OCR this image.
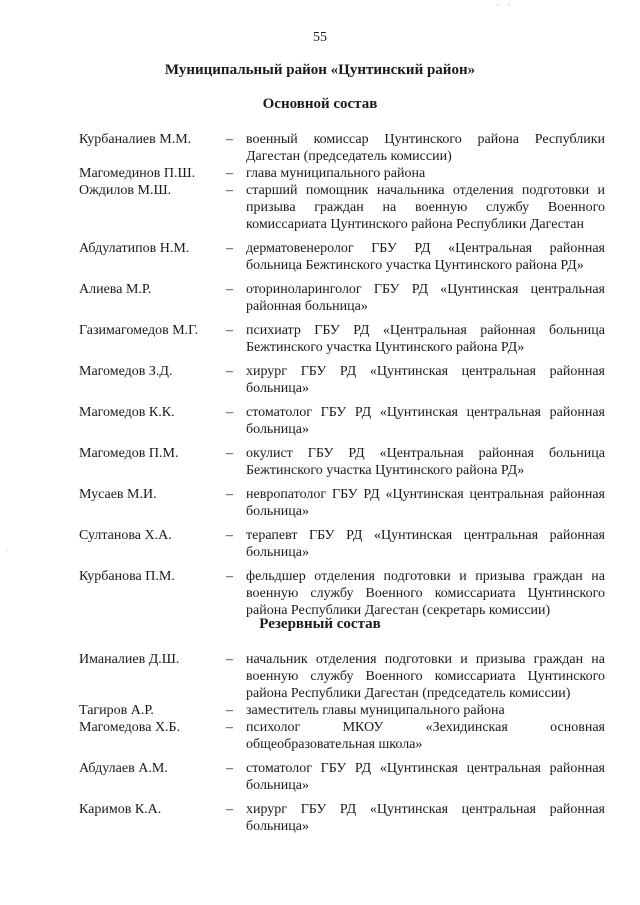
· ·
55
Муниципальный район «Цунтинский район»
Основной состав
Курбаналиев М.М.	– военный комиссар Цунтинского района Республики Дагестан (председатель комиссии)
Магомединов П.Ш.	– глава муниципального района
Ождилов М.Ш.	– старший помощник начальника отделения подготовки и призыва граждан на военную службу Военного комиссариата Цунтинского района Республики Дагестан
Абдулатипов Н.М.	– дерматовенеролог ГБУ РД «Центральная районная больница Бежтинского участка Цунтинского района РД»
Алиева М.Р.	– оториноларинголог ГБУ РД «Цунтинская центральная районная больница»
Газимагомедов М.Г.	– психиатр ГБУ РД «Центральная районная больница Бежтинского участка Цунтинского района РД»
Магомедов З.Д.	– хирург ГБУ РД «Цунтинская центральная районная больница»
Магомедов К.К.	– стоматолог ГБУ РД «Цунтинская центральная районная больница»
Магомедов П.М.	– окулист ГБУ РД «Центральная районная больница Бежтинского участка Цунтинского района РД»
Мусаев М.И.	– невропатолог ГБУ РД «Цунтинская центральная районная больница»
Султанова Х.А.	– терапевт ГБУ РД «Цунтинская центральная районная больница»
Курбанова П.М.	– фельдшер отделения подготовки и призыва граждан на военную службу Военного комиссариата Цунтинского района Республики Дагестан (секретарь комиссии)
·
Резервный состав
Иманалиев Д.Ш.	– начальник отделения подготовки и призыва граждан на военную службу Военного комиссариата Цунтинского района Республики Дагестан (председатель комиссии)
Тагиров А.Р.	– заместитель главы муниципального района
Магомедова Х.Б.	– психолог МКОУ «Зехидинская основная общеобразовательная школа»
Абдулаев А.М.	– стоматолог ГБУ РД «Цунтинская центральная районная больница»
Каримов К.А.	– хирург ГБУ РД «Цунтинская центральная районная больница»
